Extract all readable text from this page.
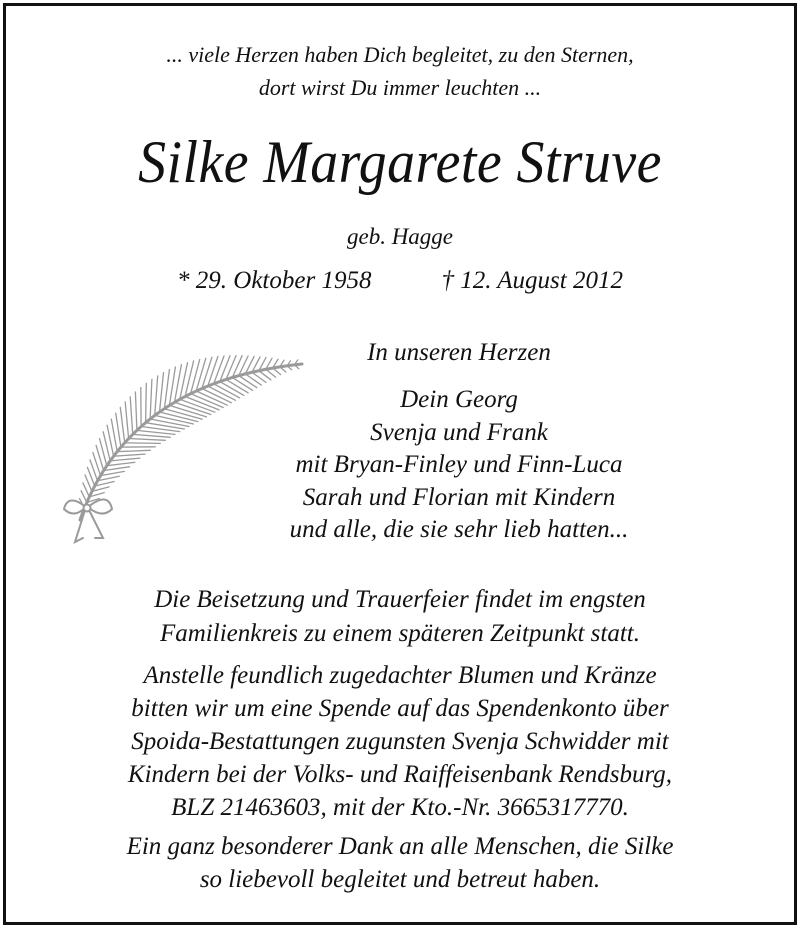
... viele Herzen haben Dich begleitet, zu den Sternen,
dort wirst Du immer leuchten ...
Silke Margarete Struve
geb. Hagge
* 29. Oktober 1958	† 12. August 2012
In unseren Herzen
Dein Georg
Svenja und Frank
mit Bryan-Finley und Finn-Luca
Sarah und Florian mit Kindern
und alle, die sie sehr lieb hatten...
Die Beisetzung und Trauerfeier findet im engsten
Familienkreis zu einem späteren Zeitpunkt statt.
Anstelle feundlich zugedachter Blumen und Kränze
bitten wir um eine Spende auf das Spendenkonto über
Spoida-Bestattungen zugunsten Svenja Schwidder mit
Kindern bei der Volks- und Raiffeisenbank Rendsburg,
BLZ 21463603, mit der Kto.-Nr. 3665317770.
Ein ganz besonderer Dank an alle Menschen, die Silke
so liebevoll begleitet und betreut haben.
